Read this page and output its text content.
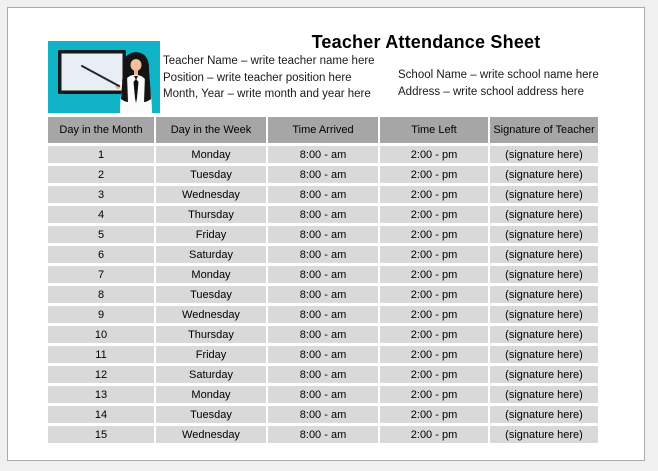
Teacher Attendance Sheet
Teacher Name – write teacher name here
Position – write teacher position here
Month, Year – write month and year here
School Name – write school name here
Address – write school address here
Day in the Month	Day in the Week	Time Arrived	Time Left	Signature of Teacher
1	Monday	8:00 - am	2:00 - pm	(signature here)
2	Tuesday	8:00 - am	2:00 - pm	(signature here)
3	Wednesday	8:00 - am	2:00 - pm	(signature here)
4	Thursday	8:00 - am	2:00 - pm	(signature here)
5	Friday	8:00 - am	2:00 - pm	(signature here)
6	Saturday	8:00 - am	2:00 - pm	(signature here)
7	Monday	8:00 - am	2:00 - pm	(signature here)
8	Tuesday	8:00 - am	2:00 - pm	(signature here)
9	Wednesday	8:00 - am	2:00 - pm	(signature here)
10	Thursday	8:00 - am	2:00 - pm	(signature here)
11	Friday	8:00 - am	2:00 - pm	(signature here)
12	Saturday	8:00 - am	2:00 - pm	(signature here)
13	Monday	8:00 - am	2:00 - pm	(signature here)
14	Tuesday	8:00 - am	2:00 - pm	(signature here)
15	Wednesday	8:00 - am	2:00 - pm	(signature here)
